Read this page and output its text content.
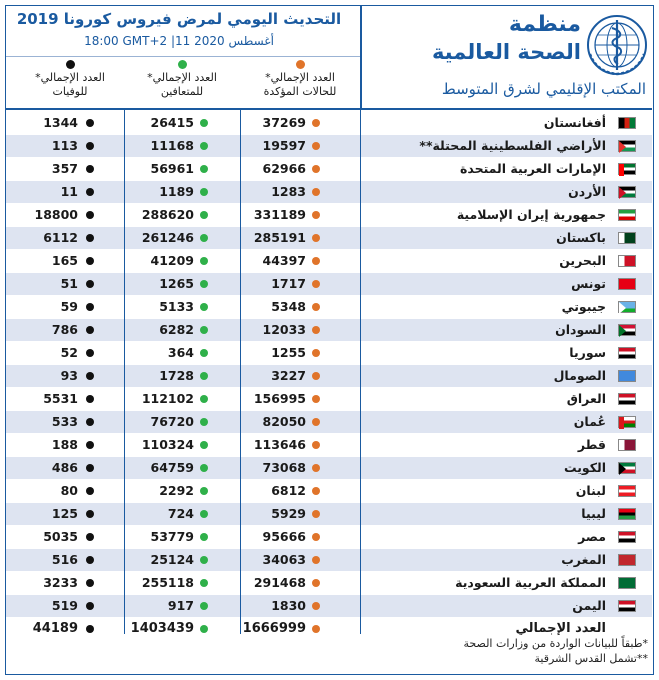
التحديث اليومي لمرض فيروس كورونا 2019
18:00 GMT+2 |11 أغسطس 2020
منظمة
الصحة العالمية
المكتب الإقليمي لشرق المتوسط
العدد الإجمالي* للحالات المؤكدة
العدد الإجمالي* للمتعافين
العدد الإجمالي* للوفيات
1344	26415	37269	أفغانستان
113	11168	19597	الأراضي الفلسطينية المحتلة**
357	56961	62966	الإمارات العربية المتحدة
11	1189	1283	الأردن
18800	288620	331189	جمهورية إيران الإسلامية
6112	261246	285191	باكستان
165	41209	44397	البحرين
51	1265	1717	تونس
59	5133	5348	جيبوتي
786	6282	12033	السودان
52	364	1255	سوريا
93	1728	3227	الصومال
5531	112102	156995	العراق
533	76720	82050	عُمان
188	110324	113646	قطر
486	64759	73068	الكويت
80	2292	6812	لبنان
125	724	5929	ليبيا
5035	53779	95666	مصر
516	25124	34063	المغرب
3233	255118	291468	المملكة العربية السعودية
519	917	1830	اليمن
44189	1403439	1666999	العدد الإجمالي
*طبقاً للبيانات الواردة من وزارات الصحة
**تشمل القدس الشرقية
